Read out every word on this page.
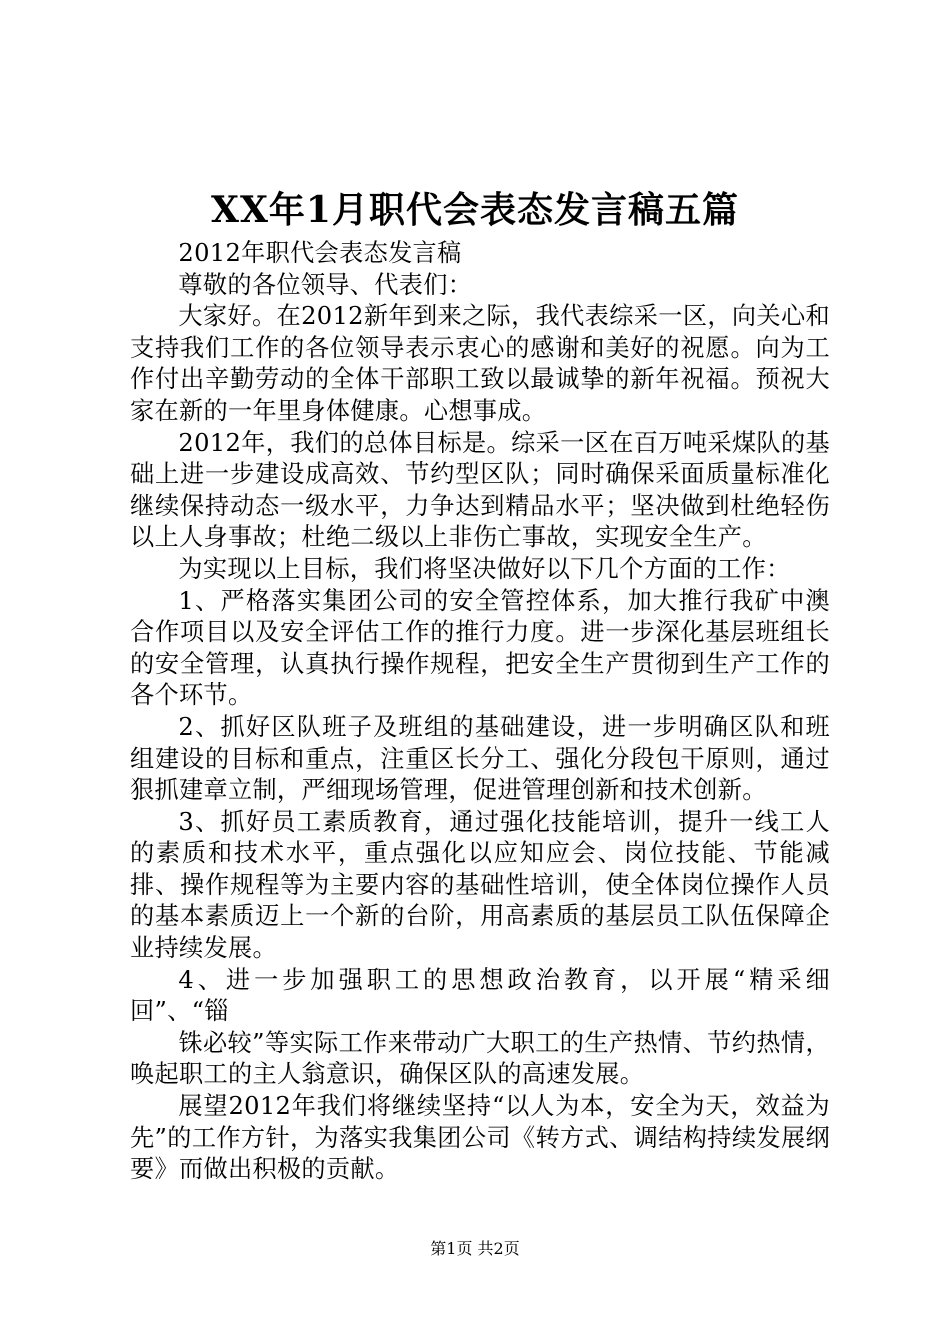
XX年1月职代会表态发言稿五篇

2012年职代会表态发言稿

尊敬的各位领导、代表们：

大家好。在2012新年到来之际，我代表综采一区，向关心和支持我们工作的各位领导表示衷心的感谢和美好的祝愿。向为工作付出辛勤劳动的全体干部职工致以最诚挚的新年祝福。预祝大家在新的一年里身体健康。心想事成。

2012年，我们的总体目标是。综采一区在百万吨采煤队的基础上进一步建设成高效、节约型区队；同时确保采面质量标准化继续保持动态一级水平，力争达到精品水平；坚决做到杜绝轻伤以上人身事故；杜绝二级以上非伤亡事故，实现安全生产。

为实现以上目标，我们将坚决做好以下几个方面的工作：

1、严格落实集团公司的安全管控体系，加大推行我矿中澳合作项目以及安全评估工作的推行力度。进一步深化基层班组长的安全管理，认真执行操作规程，把安全生产贯彻到生产工作的各个环节。

2、抓好区队班子及班组的基础建设，进一步明确区队和班组建设的目标和重点，注重区长分工、强化分段包干原则，通过狠抓建章立制，严细现场管理，促进管理创新和技术创新。

3、抓好员工素质教育，通过强化技能培训，提升一线工人的素质和技术水平，重点强化以应知应会、岗位技能、节能减排、操作规程等为主要内容的基础性培训，使全体岗位操作人员的基本素质迈上一个新的台阶，用高素质的基层员工队伍保障企业持续发展。

4、进一步加强职工的思想政治教育，以开展“精采细回”、“锱

铢必较”等实际工作来带动广大职工的生产热情、节约热情，唤起职工的主人翁意识，确保区队的高速发展。

展望2012年我们将继续坚持“以人为本，安全为天，效益为先”的工作方针，为落实我集团公司《转方式、调结构持续发展纲要》而做出积极的贡献。

第1页 共2页
